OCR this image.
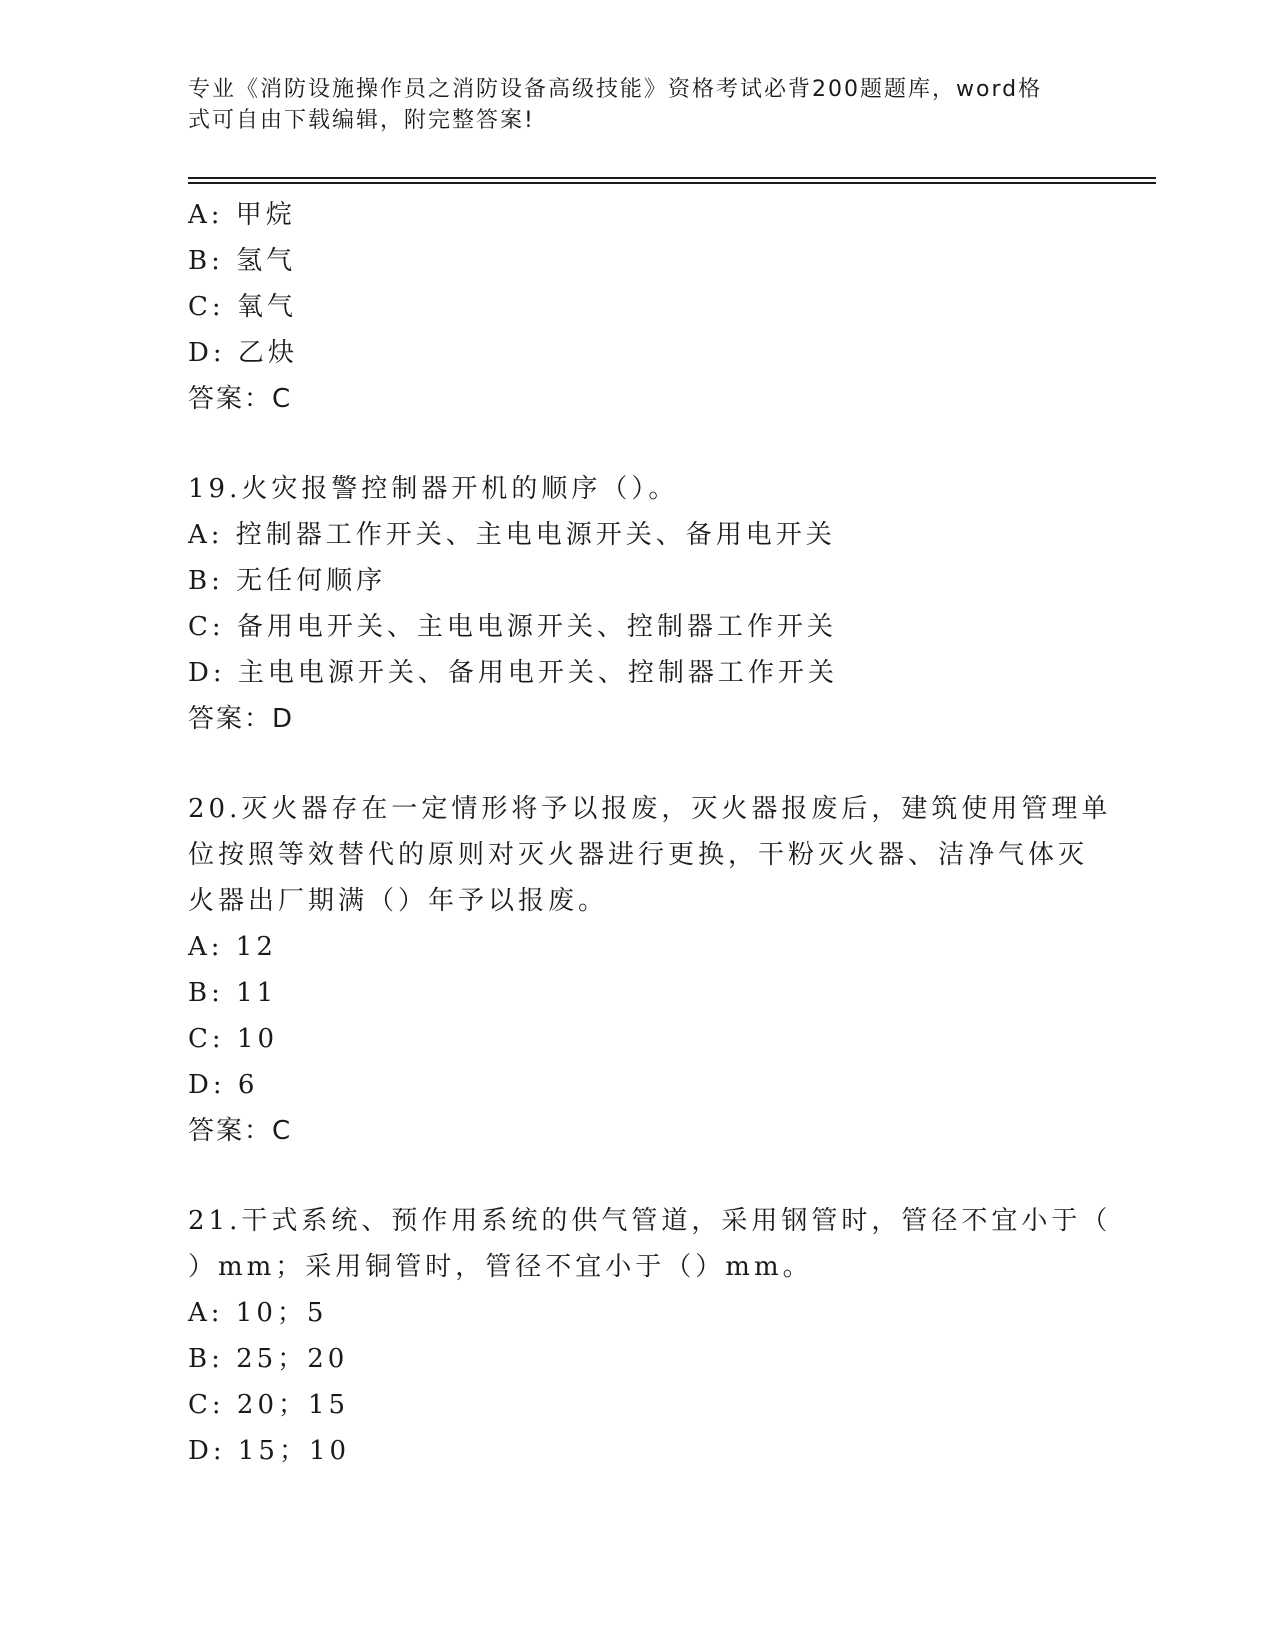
专业《消防设施操作员之消防设备高级技能》资格考试必背200题题库，word格
式可自由下载编辑，附完整答案!
A: 甲烷
B: 氢气
C: 氧气
D: 乙炔
答案：C
19.火灾报警控制器开机的顺序（）。
A: 控制器工作开关、主电电源开关、备用电开关
B: 无任何顺序
C: 备用电开关、主电电源开关、控制器工作开关
D: 主电电源开关、备用电开关、控制器工作开关
答案：D
20.灭火器存在一定情形将予以报废，灭火器报废后，建筑使用管理单
位按照等效替代的原则对灭火器进行更换，干粉灭火器、洁净气体灭
火器出厂期满（）年予以报废。
A: 12
B: 11
C: 10
D: 6
答案：C
21.干式系统、预作用系统的供气管道，采用钢管时，管径不宜小于（
）mm；采用铜管时，管径不宜小于（）mm。
A: 10；5
B: 25；20
C: 20；15
D: 15；10
